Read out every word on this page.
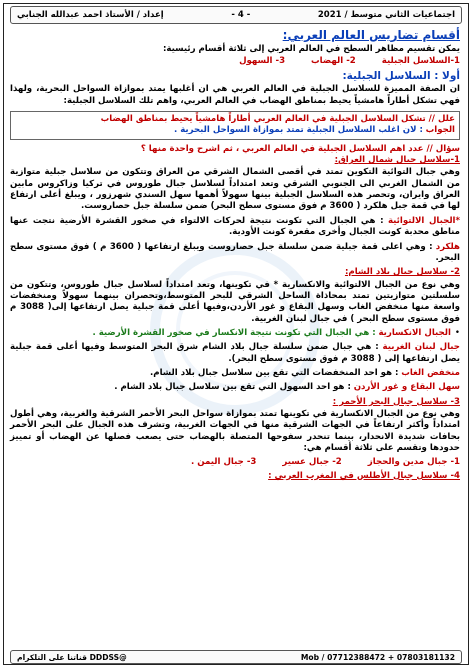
اجتماعيات الثاني متوسط / 2021
- 4 -
إعداد / الأستاذ احمد عبدالله الجنابي

أقسام تضاريس العالم العربي:

يمكن تقسيم مظاهر السطح في العالم العربي إلى ثلاثة أقسام رئيسية:

1-السلاسل الجبلية
2- الهضاب
3- السهول

أولا : السلاسل الجبلية:

ان الصفة المميزة للسلاسل الجبلية في العالم العربي هي ان أغلبها يمتد بموازاة السواحل البحرية، ولهذا فهي تشكل أطاراً هامشياً يحيط بمناطق الهضاب في العالم العربي، واهم تلك السلاسل الجبلية:

علل // تشكل السلاسل الجبلية في العالم العربي أطاراً هامشياً يحيط بمناطق الهضاب

الجواب : لان اغلب السلاسل الجبلية تمتد بموازاة السواحل البحرية .

سؤال // عدد اهم السلاسل الجبلية في العالم العربي ، ثم اشرح واحدة منها ؟

1-سلاسل جبال شمال العراق:

وهي جبال التوائية التكوين تمتد في أقصى الشمال الشرقي من العراق وتتكون من سلاسل جبلية متوازية من الشمال الغربي الى الجنوبي الشرقي وتعد امتداداً لسلاسل جبال طوروس في تركيا وزاكروس مابين العراق وايران، وتحصر هذه السلاسل الجبلية بينها سهولاً أهمها سهل السندي شهرزور ، ويبلغ أعلى ارتفاع لها في قمة جبل هلكرد ( 3600 م فوق مستوى سطح البحر) ضمن سلسلة جبل حصاروست.

*الجبال الالتوائية : هي الجبال التي تكونت نتيجة لحركات الالتواء في صخور القشرة الأرضية نتجت عنها مناطق محدبة كونت الجبال وأخرى مقعرة كونت الأودية.

هلكرد : وهي اعلى قمة جبلية ضمن سلسلة جبل حصاروست ويبلغ ارتفاعها ( 3600 م ) فوق مستوى سطح البحر.

2- سلاسل جبال بلاد الشام:

وهي نوع من الجبال الالتوائية والانكسارية * في تكوينها، وتعد امتداداً لسلاسل جبال طوروس، وتتكون من سلسلتين متوازيتين تمتد بمحاذاة الساحل الشرقي للبحر المتوسط،وتحصران بينهما سهولاً ومنخفضات واسعة منها منخفض الغاب وسهل البقاع و غور الأردن،وفيها أعلى قمة جبلية يصل ارتفاعها إلى( 3088 م فوق مستوى سطح البحر ) في جبال لبنان الغربية.

• الجبال الانكسارية : هي الجبال التي تكونت نتيجة الانكسار في صخور القشرة الأرضية .

جبال لبنان الغربية : هي جبال ضمن سلسلة جبال بلاد الشام شرق البحر المتوسط وفيها أعلى قمة جبلية يصل ارتفاعها إلى ( 3088 م فوق مستوى سطح البحر).

منخفض الغاب : هو احد المنخفضات التي تقع بين سلاسل جبال بلاد الشام.

سهل البقاع و غور الأردن : هو احد السهول التي تقع بين سلاسل جبال بلاد الشام .

3- سلاسل جبال البحر الأحمر :

وهي نوع من الجبال الانكسارية في تكوينها تمتد بموازاة سواحل البحر الأحمر الشرقية والغربية، وهي أطول امتداداً وأكثر ارتفاعاً في الجهات الشرقية منها في الجهات الغربية، وتشرف هذه الجبال على البحر الأحمر بحافات شديدة الانحدار، بينما تنحدر سفوحها المتصلة بالهضاب حتى يصعب فصلها عن الهضاب أو تمييز حدودها وتقسم على ثلاثة أقسام هي:

1- جبال مدين والحجاز
2- جبال عسير
3- جبال اليمن .

4- سلاسل جبال الأطلس في المغرب العربي :

Mob / 07712388472 + 07803181132
@DDDSS قناتنا على التلكرام
